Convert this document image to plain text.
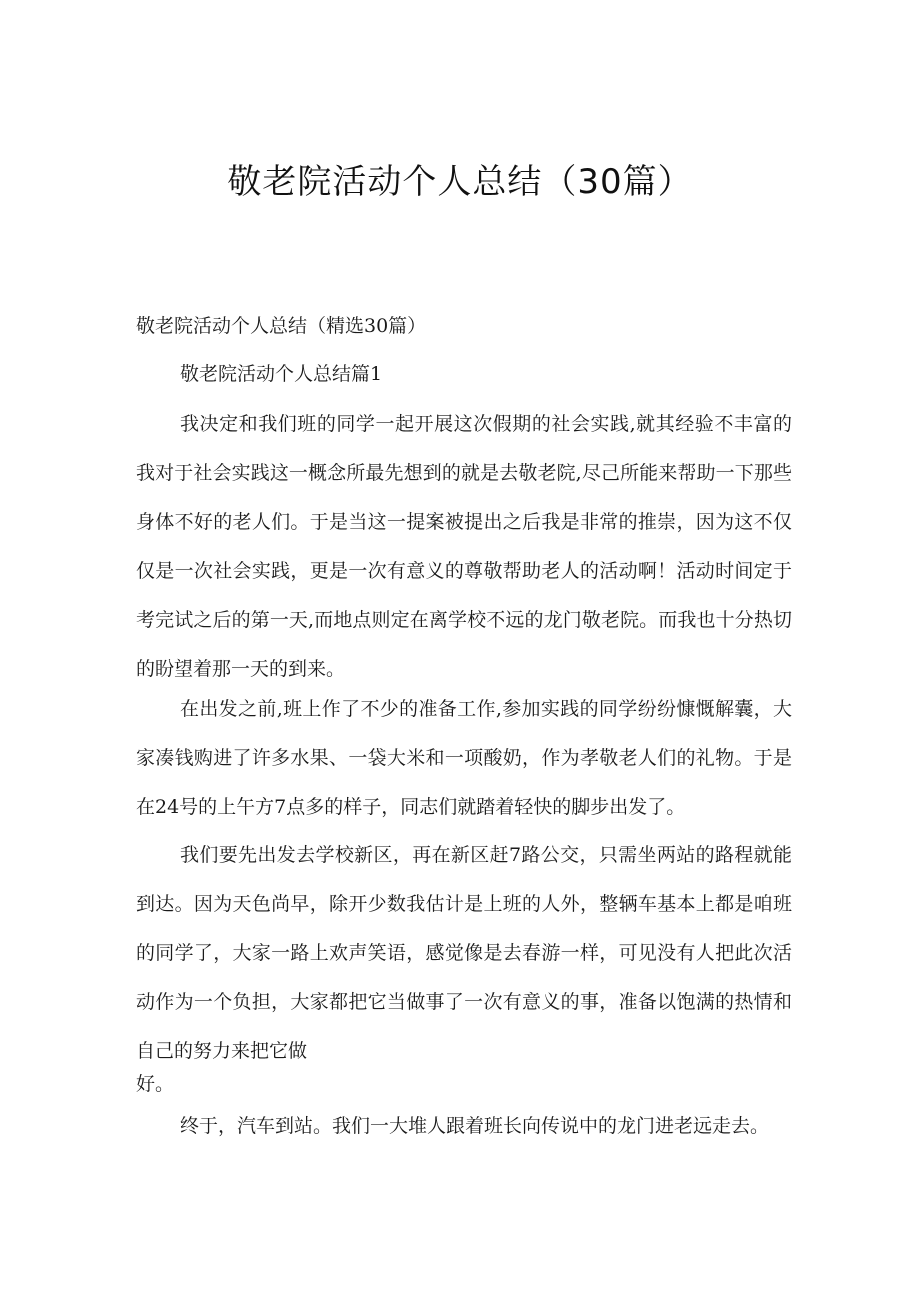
敬老院活动个人总结（30篇）
敬老院活动个人总结（精选30篇）
敬老院活动个人总结篇1

我决定和我们班的同学一起开展这次假期的社会实践,就其经验不丰富的我对于社会实践这一概念所最先想到的就是去敬老院,尽己所能来帮助一下那些身体不好的老人们。于是当这一提案被提出之后我是非常的推崇，因为这不仅仅是一次社会实践，更是一次有意义的尊敬帮助老人的活动啊！活动时间定于考完试之后的第一天,而地点则定在离学校不远的龙门敬老院。而我也十分热切的盼望着那一天的到来。

在出发之前,班上作了不少的准备工作,参加实践的同学纷纷慷慨解囊，大家凑钱购进了许多水果、一袋大米和一项酸奶，作为孝敬老人们的礼物。于是在24号的上午方7点多的样子，同志们就踏着轻快的脚步出发了。

我们要先出发去学校新区，再在新区赶7路公交，只需坐两站的路程就能到达。因为天色尚早，除开少数我估计是上班的人外，整辆车基本上都是咱班的同学了，大家一路上欢声笑语，感觉像是去春游一样，可见没有人把此次活动作为一个负担，大家都把它当做事了一次有意义的事，准备以饱满的热情和自己的努力来把它做

好。

终于，汽车到站。我们一大堆人跟着班长向传说中的龙门进老远走去。
